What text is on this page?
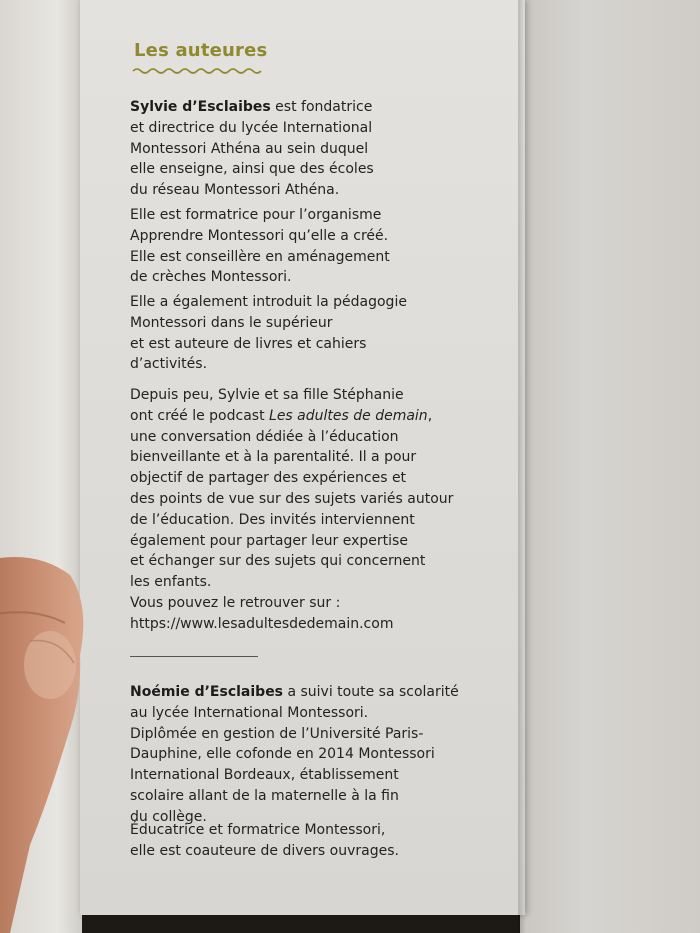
Les auteures
Sylvie d’Esclaibes est fondatrice
et directrice du lycée International
Montessori Athéna au sein duquel
elle enseigne, ainsi que des écoles
du réseau Montessori Athéna.
Elle est formatrice pour l’organisme
Apprendre Montessori qu’elle a créé.
Elle est conseillère en aménagement
de crèches Montessori.
Elle a également introduit la pédagogie
Montessori dans le supérieur
et est auteure de livres et cahiers
d’activités.
Depuis peu, Sylvie et sa fille Stéphanie
ont créé le podcast Les adultes de demain,
une conversation dédiée à l’éducation
bienveillante et à la parentalité. Il a pour
objectif de partager des expériences et
des points de vue sur des sujets variés autour
de l’éducation. Des invités interviennent
également pour partager leur expertise
et échanger sur des sujets qui concernent
les enfants.
Vous pouvez le retrouver sur :
https://www.lesadultesdedemain.com
Noémie d’Esclaibes a suivi toute sa scolarité
au lycée International Montessori.
Diplômée en gestion de l’Université Paris-
Dauphine, elle cofonde en 2014 Montessori
International Bordeaux, établissement
scolaire allant de la maternelle à la fin
du collège.
Éducatrice et formatrice Montessori,
elle est coauteure de divers ouvrages.
